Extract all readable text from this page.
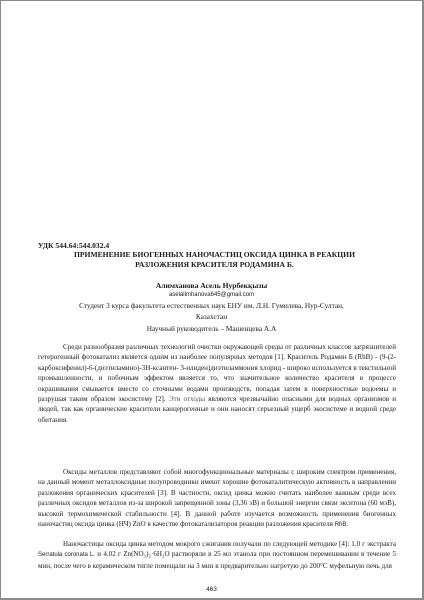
УДК 544.64:544.032.4
ПРИМЕНЕНИЕ БИОГЕННЫХ НАНОЧАСТИЦ ОКСИДА ЦИНКА В РЕАКЦИИ
РАЗЛОЖЕНИЯ КРАСИТЕЛЯ РОДАМИНА Б.
Алимханова Асель Нурбекқызы
aselalimhanova645@gmail.com
Студент 3 курса факультета естественных наук ЕНУ им. Л.Н. Гумилева, Нур-Султан,
Казахстан
Научный руководитель – Машенцева А.А

Среди разнообразия различных технологий очистки окружающей среды от различных классов загрязнителей гетерогенный фотокатализ является одним из наиболее популярных методов [1]. Краситель Родамин Б (RhB) - (9-(2-карбоксифенил)-6-(диэтиламино)-3Н-ксантен- 3-илиден)диэтиламмония хлорид - широко используется в текстильной промышленности, и побочным эффектом является то, что значительное количество красителя в процессе окрашивания смывается вместе со сточными водами производств, попадая затем в поверхностные водоемы и разрушая таким образом экосистему [2]. Эти отходы являются чрезвычайно опасными для водных организмов и людей, так как органические красители канцерогенные и они наносят серьезный ущерб экосистеме и водной среде обитания.

Оксиды металлов представляют собой многофункциональные материалы с широким спектром применения, на данный момент металлоксидные полупроводники имеют хорошие фотокаталитическую активность в направлении разложения органических красителей [3]. В частности, оксид цинка можно считать наиболее важным среди всех различных оксидов металлов из-за широкой запрещенной зоны (3,36 эВ) и большой энергии связи экситона (60 мэВ), высокой термохимической стабильности [4]. В данной работе изучается возможность применения биогенных наночастиц оксида цинка (НЧ) ZnO в качестве фотокатализаторов реакции разложения красителя RhB.

Наночастицы оксида цинка методом мокрого сжигания получали по следующей методике [4]: 1.0 г экстракта Serratula coronata L. и 4.02 г Zn(NO₃)₂·6H₂O растворяли в 25 мл этанола при постоянном перемешивании в течение 5 мин, после чего в керамическом тигле помещали на 3 мин в предварительно нагретую до 200°С муфельную печь для

463
